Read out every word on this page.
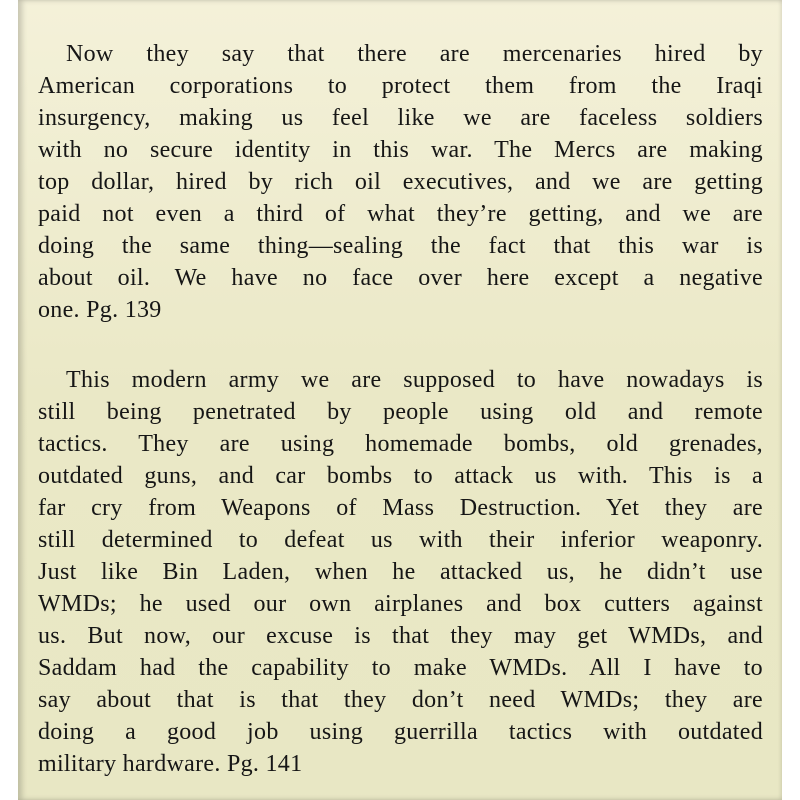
Now they say that there are mercenaries hired by
American corporations to protect them from the Iraqi
insurgency, making us feel like we are faceless soldiers
with no secure identity in this war. The Mercs are making
top dollar, hired by rich oil executives, and we are getting
paid not even a third of what they’re getting, and we are
doing the same thing—sealing the fact that this war is
about oil. We have no face over here except a negative
one. Pg. 139
This modern army we are supposed to have nowadays is
still being penetrated by people using old and remote
tactics. They are using homemade bombs, old grenades,
outdated guns, and car bombs to attack us with. This is a
far cry from Weapons of Mass Destruction. Yet they are
still determined to defeat us with their inferior weaponry.
Just like Bin Laden, when he attacked us, he didn’t use
WMDs; he used our own airplanes and box cutters against
us. But now, our excuse is that they may get WMDs, and
Saddam had the capability to make WMDs. All I have to
say about that is that they don’t need WMDs; they are
doing a good job using guerrilla tactics with outdated
military hardware. Pg. 141
